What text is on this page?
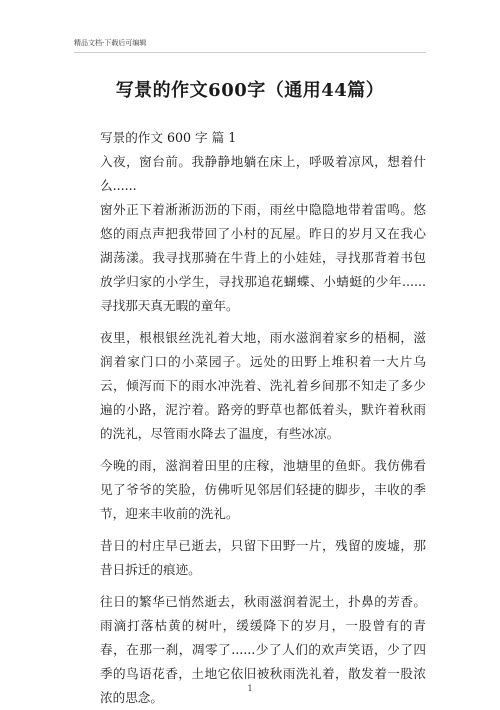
精品文档-下载后可编辑
写景的作文600字（通用44篇）

写景的作文 600 字 篇 1

入夜，窗台前。我静静地躺在床上，呼吸着凉风，想着什么......

窗外正下着淅淅沥沥的下雨，雨丝中隐隐地带着雷鸣。悠悠的雨点声把我带回了小村的瓦屋。昨日的岁月又在我心湖荡漾。我寻找那骑在牛背上的小娃娃，寻找那背着书包放学归家的小学生，寻找那追花蝴蝶、小蜻蜓的少年......寻找那天真无暇的童年。

夜里，根根银丝洗礼着大地，雨水滋润着家乡的梧桐，滋润着家门口的小菜园子。远处的田野上堆积着一大片乌云，倾泻而下的雨水冲洗着、洗礼着乡间那不知走了多少遍的小路，泥泞着。路旁的野草也都低着头，默许着秋雨的洗礼，尽管雨水降去了温度，有些冰凉。

今晚的雨，滋润着田里的庄稼，池塘里的鱼虾。我仿佛看见了爷爷的笑脸，仿佛听见邻居们轻捷的脚步，丰收的季节，迎来丰收前的洗礼。

昔日的村庄早已逝去，只留下田野一片，残留的废墟，那昔日拆迁的痕迹。

往日的繁华已悄然逝去，秋雨滋润着泥土，扑鼻的芳香。雨滴打落枯黄的树叶，缓缓降下的岁月，一股曾有的青春，在那一刹，凋零了......少了人们的欢声笑语，少了四季的鸟语花香，土地它依旧被秋雨洗礼着，散发着一股浓浓的思念。

1
